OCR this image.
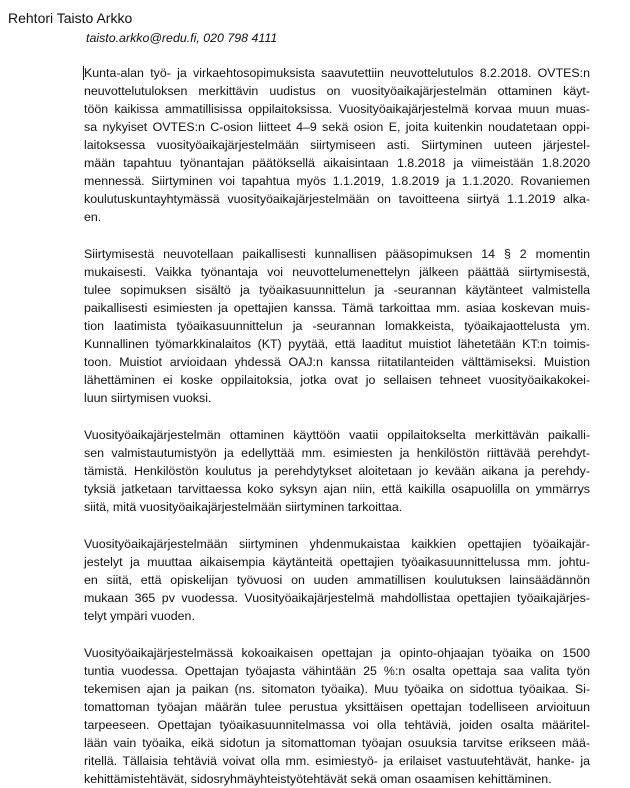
Rehtori Taisto Arkko

taisto.arkko@redu.fi, 020 798 4111

Kunta-alan työ- ja virkaehtosopimuksista saavutettiin neuvottelutulos 8.2.2018. OVTES:n
neuvottelutuloksen merkittävin uudistus on vuosityöaikajärjestelmän ottaminen käyt-
töön kaikissa ammatillisissa oppilaitoksissa. Vuosityöaikajärjestelmä korvaa muun muas-
sa nykyiset OVTES:n C-osion liitteet 4–9 sekä osion E, joita kuitenkin noudatetaan oppi-
laitoksessa vuosityöaikajärjestelmään siirtymiseen asti. Siirtyminen uuteen järjestel-
mään tapahtuu työnantajan päätöksellä aikaisintaan 1.8.2018 ja viimeistään 1.8.2020
mennessä. Siirtyminen voi tapahtua myös 1.1.2019, 1.8.2019 ja 1.1.2020. Rovaniemen
koulutuskuntayhtymässä vuosityöaikajärjestelmään on tavoitteena siirtyä 1.1.2019 alka-
en.

Siirtymisestä neuvotellaan paikallisesti kunnallisen pääsopimuksen 14 § 2 momentin
mukaisesti. Vaikka työnantaja voi neuvottelumenettelyn jälkeen päättää siirtymisestä,
tulee sopimuksen sisältö ja työaikasuunnittelun ja -seurannan käytänteet valmistella
paikallisesti esimiesten ja opettajien kanssa. Tämä tarkoittaa mm. asiaa koskevan muis-
tion laatimista työaikasuunnittelun ja -seurannan lomakkeista, työaikajaottelusta ym.
Kunnallinen työmarkkinalaitos (KT) pyytää, että laaditut muistiot lähetetään KT:n toimis-
toon. Muistiot arvioidaan yhdessä OAJ:n kanssa riitatilanteiden välttämiseksi. Muistion
lähettäminen ei koske oppilaitoksia, jotka ovat jo sellaisen tehneet vuosityöaikakokei-
luun siirtymisen vuoksi.

Vuosityöaikajärjestelmän ottaminen käyttöön vaatii oppilaitokselta merkittävän paikalli-
sen valmistautumistyön ja edellyttää mm. esimiesten ja henkilöstön riittävää perehdyt-
tämistä. Henkilöstön koulutus ja perehdytykset aloitetaan jo kevään aikana ja perehdy-
tyksiä jatketaan tarvittaessa koko syksyn ajan niin, että kaikilla osapuolilla on ymmärrys
siitä, mitä vuosityöaikajärjestelmään siirtyminen tarkoittaa.

Vuosityöaikajärjestelmään siirtyminen yhdenmukaistaa kaikkien opettajien työaikajär-
jestelyt ja muuttaa aikaisempia käytänteitä opettajien työaikasuunnittelussa mm. johtu-
en siitä, että opiskelijan työvuosi on uuden ammatillisen koulutuksen lainsäädännön
mukaan 365 pv vuodessa. Vuosityöaikajärjestelmä mahdollistaa opettajien työaikajärjes-
telyt ympäri vuoden.

Vuosityöaikajärjestelmässä kokoaikaisen opettajan ja opinto-ohjaajan työaika on 1500
tuntia vuodessa. Opettajan työajasta vähintään 25 %:n osalta opettaja saa valita työn
tekemisen ajan ja paikan (ns. sitomaton työaika). Muu työaika on sidottua työaikaa. Si-
tomattoman työajan määrän tulee perustua yksittäisen opettajan todelliseen arvioituun
tarpeeseen. Opettajan työaikasuunnitelmassa voi olla tehtäviä, joiden osalta määritel-
lään vain työaika, eikä sidotun ja sitomattoman työajan osuuksia tarvitse erikseen mää-
ritellä. Tällaisia tehtäviä voivat olla mm. esimiestyö- ja erilaiset vastuutehtävät, hanke- ja
kehittämistehtävät, sidosryhmäyhteistyötehtävät sekä oman osaamisen kehittäminen.
